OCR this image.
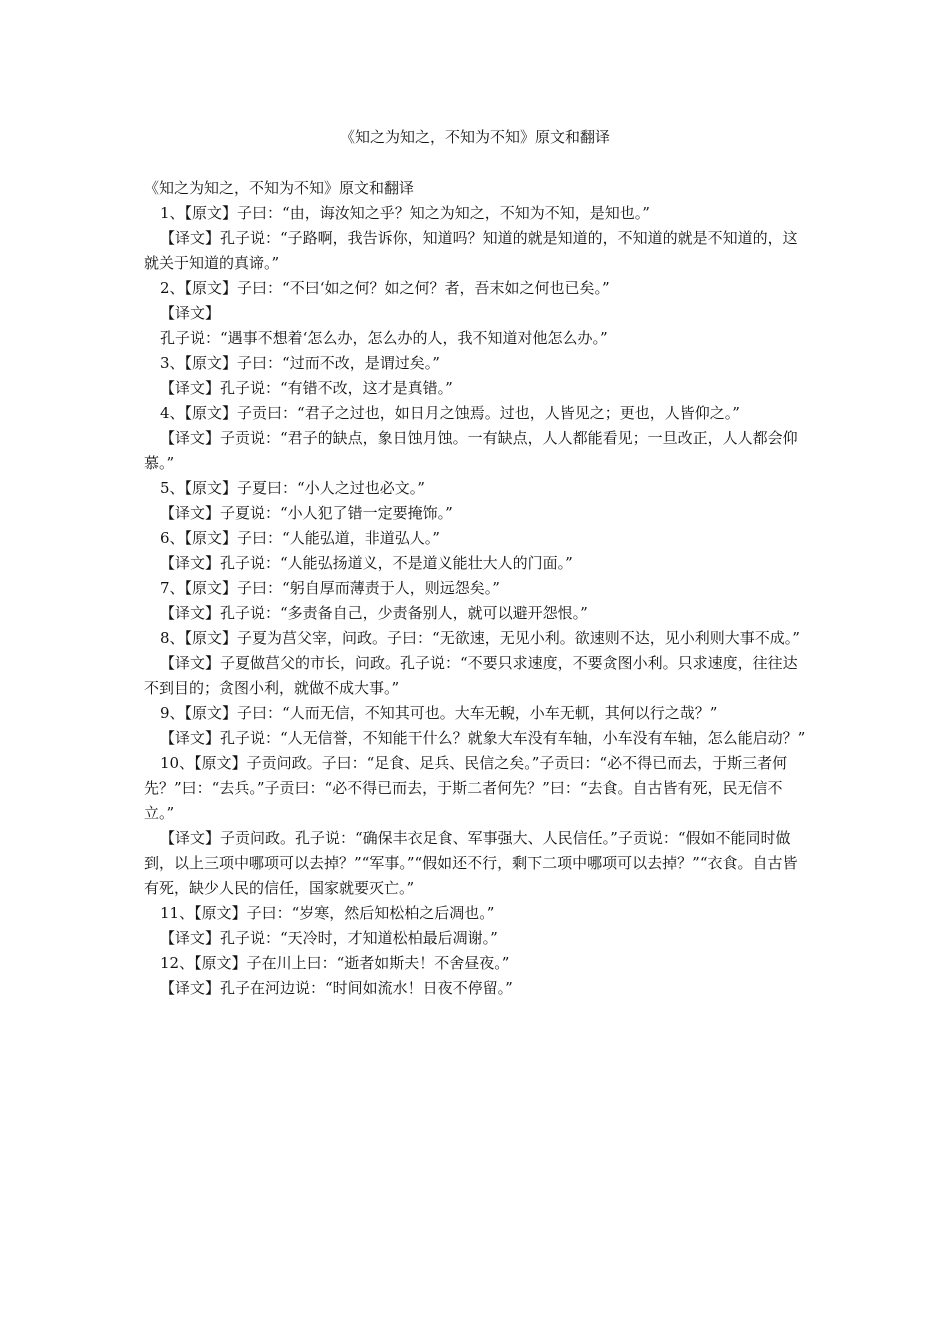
《知之为知之，不知为不知》原文和翻译

《知之为知之，不知为不知》原文和翻译

1、【原文】子曰：“由，诲汝知之乎？知之为知之，不知为不知，是知也。”

【译文】孔子说：“子路啊，我告诉你，知道吗？知道的就是知道的，不知道的就是不知道的，这就关于知道的真谛。”

2、【原文】子曰：“不曰‘如之何？如之何？者，吾末如之何也已矣。”

【译文】

孔子说：“遇事不想着‘怎么办，怎么办的人，我不知道对他怎么办。”

3、【原文】子曰：“过而不改，是谓过矣。”

【译文】孔子说：“有错不改，这才是真错。”

4、【原文】子贡曰：“君子之过也，如日月之蚀焉。过也，人皆见之；更也，人皆仰之。”

【译文】子贡说：“君子的缺点，象日蚀月蚀。一有缺点，人人都能看见；一旦改正，人人都会仰慕。”

5、【原文】子夏曰：“小人之过也必文。”

【译文】子夏说：“小人犯了错一定要掩饰。”

6、【原文】子曰：“人能弘道，非道弘人。”

【译文】孔子说：“人能弘扬道义，不是道义能壮大人的门面。”

7、【原文】子曰：“躬自厚而薄责于人，则远怨矣。”

【译文】孔子说：“多责备自己，少责备别人，就可以避开怨恨。”

8、【原文】子夏为莒父宰，问政。子曰：“无欲速，无见小利。欲速则不达，见小利则大事不成。”

【译文】子夏做莒父的市长，问政。孔子说：“不要只求速度，不要贪图小利。只求速度，往往达不到目的；贪图小利，就做不成大事。”

9、【原文】子曰：“人而无信，不知其可也。大车无輗，小车无軏，其何以行之哉？”

【译文】孔子说：“人无信誉，不知能干什么？就象大车没有车轴，小车没有车轴，怎么能启动？”

10、【原文】子贡问政。子曰：“足食、足兵、民信之矣。”子贡曰：“必不得已而去，于斯三者何先？”曰：“去兵。”子贡曰：“必不得已而去，于斯二者何先？”曰：“去食。自古皆有死，民无信不立。”

【译文】子贡问政。孔子说：“确保丰衣足食、军事强大、人民信任。”子贡说：“假如不能同时做到，以上三项中哪项可以去掉？”“军事。”“假如还不行，剩下二项中哪项可以去掉？”“衣食。自古皆有死，缺少人民的信任，国家就要灭亡。”

11、【原文】子曰：“岁寒，然后知松柏之后凋也。”

【译文】孔子说：“天冷时，才知道松柏最后凋谢。”

12、【原文】子在川上曰：“逝者如斯夫！不舍昼夜。”

【译文】孔子在河边说：“时间如流水！日夜不停留。”
